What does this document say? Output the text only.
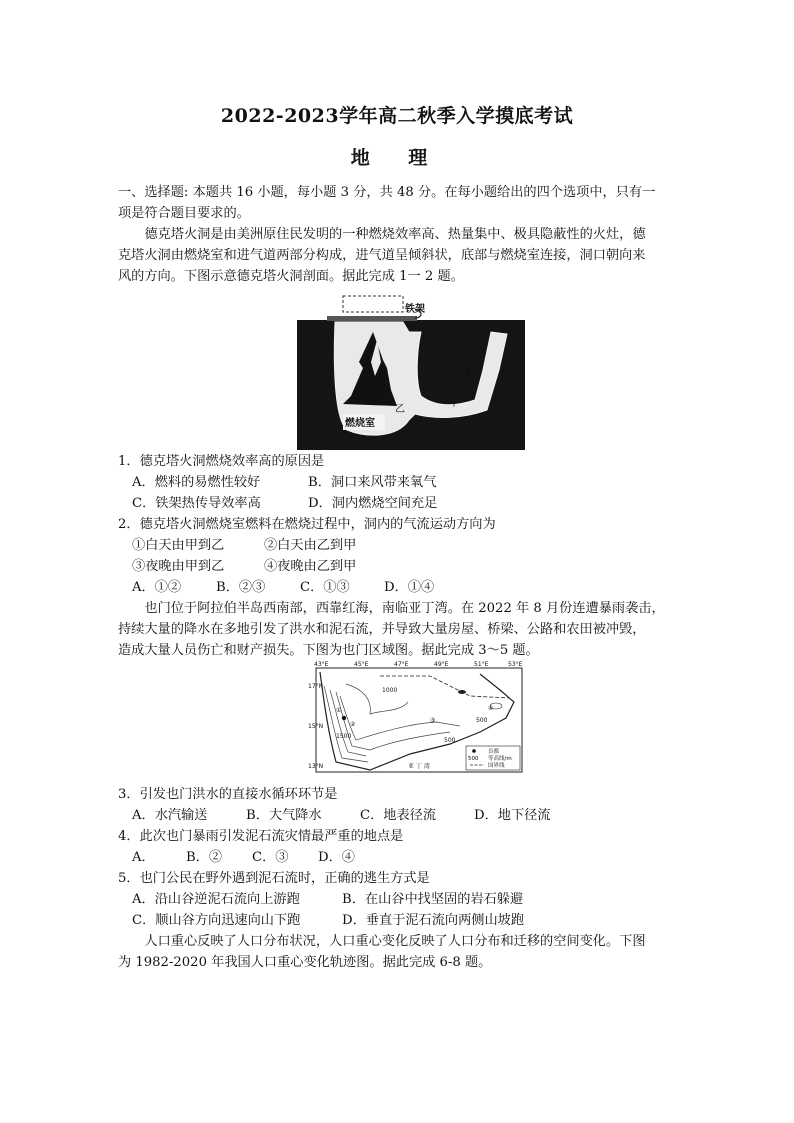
2022-2023学年高二秋季入学摸底考试
地 理

一、选择题: 本题共 16 小题，每小题 3 分，共 48 分。在每小题给出的四个选项中，只有一

项是符合题目要求的。

德克塔火洞是由美洲原住民发明的一种燃烧效率高、热量集中、极具隐蔽性的火灶，德

克塔火洞由燃烧室和进气道两部分构成，进气道呈倾斜状，底部与燃烧室连接，洞口朝向来

风的方向。下图示意德克塔火洞剖面。据此完成 1一 2 题。

铁架
甲
乙
燃烧室

1．德克塔火洞燃烧效率高的原因是

A．燃料的易燃性较好	B．洞口来风带来氧气

C．铁架热传导效率高	D．洞内燃烧空间充足

2．德克塔火洞燃烧室燃料在燃烧过程中，洞内的气流运动方向为

①白天由甲到乙	②白天由乙到甲

③夜晚由甲到乙	④夜晚由乙到甲

A．①②	B．②③	C．①③	D．①④

也门位于阿拉伯半岛西南部，西靠红海，南临亚丁湾。在 2022 年 8 月份连遭暴雨袭击，

持续大量的降水在多地引发了洪水和泥石流，并导致大量房屋、桥梁、公路和农田被冲毁，

造成大量人员伤亡和财产损失。下图为也门区域图。据此完成 3～5 题。

43°E	45°E	47°E	49°E	51°E	53°E
17°N
15°N
13°N
1000
1500
500
500
①
②
③
④
亚 丁 湾
首都
500 等高线/m
国界线

3．引发也门洪水的直接水循环环节是

A．水汽输送	B．大气降水	C．地表径流	D．地下径流

4．此次也门暴雨引发泥石流灾情最严重的地点是

A． B．② C．③ D．④

5．也门公民在野外遇到泥石流时，正确的逃生方式是

A．沿山谷逆泥石流向上游跑	B．在山谷中找坚固的岩石躲避

C．顺山谷方向迅速向山下跑	D．垂直于泥石流向两侧山坡跑

人口重心反映了人口分布状况，人口重心变化反映了人口分布和迁移的空间变化。下图

为 1982-2020 年我国人口重心变化轨迹图。据此完成 6-8 题。
